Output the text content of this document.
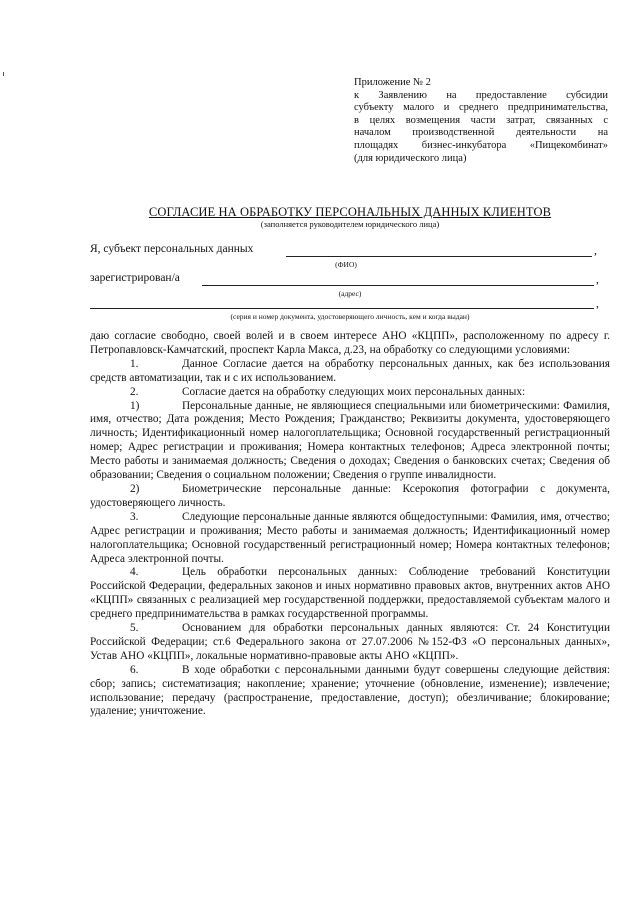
Приложение № 2
к Заявлению на предоставление субсидии
субъекту малого и среднего предпринимательства,
в целях возмещения части затрат, связанных с
началом производственной деятельности на
площадях бизнес-инкубатора «Пищекомбинат»
(для юридического лица)
СОГЛАСИЕ НА ОБРАБОТКУ ПЕРСОНАЛЬНЫХ ДАННЫХ КЛИЕНТОВ
(заполняется руководителем юридического лица)
Я, субъект персональных данных	,
(ФИО)
зарегистрирован/а	,
(адрес)
,
(серия и номер документа, удостоверяющего личность, кем и когда выдан)

даю согласие свободно, своей волей и в своем интересе АНО «КЦПП», расположенному по адресу г. Петропавловск-Камчатский, проспект Карла Макса, д.23, на обработку со следующими условиями:

1.	Данное Согласие дается на обработку персональных данных, как без использования средств автоматизации, так и с их использованием.

2.	Согласие дается на обработку следующих моих персональных данных:

1)	Персональные данные, не являющиеся специальными или биометрическими: Фамилия, имя, отчество; Дата рождения; Место Рождения; Гражданство; Реквизиты документа, удостоверяющего личность; Идентификационный номер налогоплательщика; Основной государственный регистрационный номер; Адрес регистрации и проживания; Номера контактных телефонов; Адреса электронной почты; Место работы и занимаемая должность; Сведения о доходах; Сведения о банковских счетах; Сведения об образовании; Сведения о социальном положении; Сведения о группе инвалидности.

2)	Биометрические персональные данные: Ксерокопия фотографии с документа, удостоверяющего личность.

3.	Следующие персональные данные являются общедоступными: Фамилия, имя, отчество; Адрес регистрации и проживания; Место работы и занимаемая должность; Идентификационный номер налогоплательщика; Основной государственный регистрационный номер; Номера контактных телефонов; Адреса электронной почты.

4.	Цель обработки персональных данных: Соблюдение требований Конституции Российской Федерации, федеральных законов и иных нормативно правовых актов, внутренних актов АНО «КЦПП» связанных с реализацией мер государственной поддержки, предоставляемой субъектам малого и среднего предпринимательства в рамках государственной программы.

5.	Основанием для обработки персональных данных являются: Ст. 24 Конституции Российской Федерации; ст.6 Федерального закона от 27.07.2006 №152-ФЗ «О персональных данных», Устав АНО «КЦПП», локальные нормативно-правовые акты АНО «КЦПП».

6.	В ходе обработки с персональными данными будут совершены следующие действия: сбор; запись; систематизация; накопление; хранение; уточнение (обновление, изменение); извлечение; использование; передачу (распространение, предоставление, доступ); обезличивание; блокирование; удаление; уничтожение.
